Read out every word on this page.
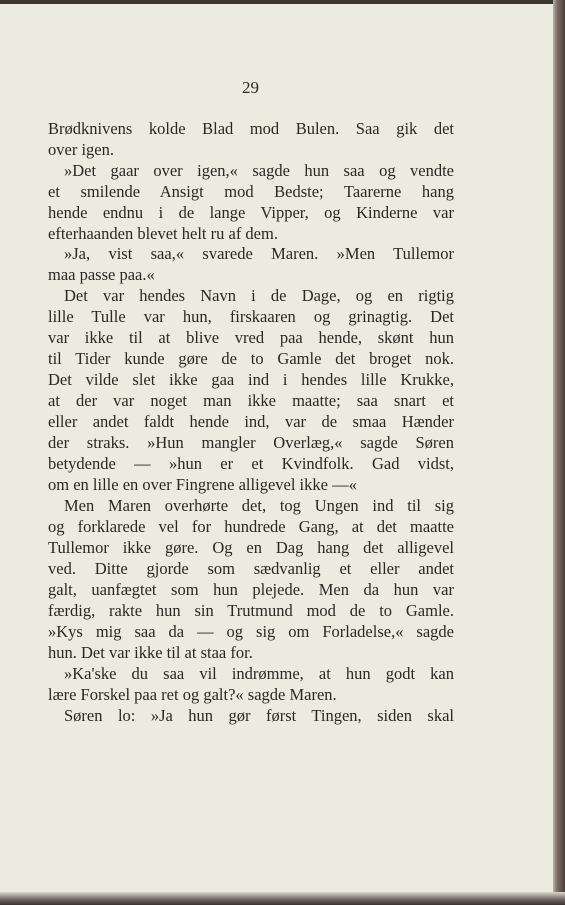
29
Brødknivens kolde Blad mod Bulen. Saa gik det
over igen.
»Det gaar over igen,« sagde hun saa og vendte
et smilende Ansigt mod Bedste; Taarerne hang
hende endnu i de lange Vipper, og Kinderne var
efterhaanden blevet helt ru af dem.
»Ja, vist saa,« svarede Maren. »Men Tullemor
maa passe paa.«
Det var hendes Navn i de Dage, og en rigtig
lille Tulle var hun, firskaaren og grinagtig. Det
var ikke til at blive vred paa hende, skønt hun
til Tider kunde gøre de to Gamle det broget nok.
Det vilde slet ikke gaa ind i hendes lille Krukke,
at der var noget man ikke maatte; saa snart et
eller andet faldt hende ind, var de smaa Hænder
der straks. »Hun mangler Overlæg,« sagde Søren
betydende — »hun er et Kvindfolk. Gad vidst,
om en lille en over Fingrene alligevel ikke —«
Men Maren overhørte det, tog Ungen ind til sig
og forklarede vel for hundrede Gang, at det maatte
Tullemor ikke gøre. Og en Dag hang det alligevel
ved. Ditte gjorde som sædvanlig et eller andet
galt, uanfægtet som hun plejede. Men da hun var
færdig, rakte hun sin Trutmund mod de to Gamle.
»Kys mig saa da — og sig om Forladelse,« sagde
hun. Det var ikke til at staa for.
»Ka'ske du saa vil indrømme, at hun godt kan
lære Forskel paa ret og galt?« sagde Maren.
Søren lo: »Ja hun gør først Tingen, siden skal
